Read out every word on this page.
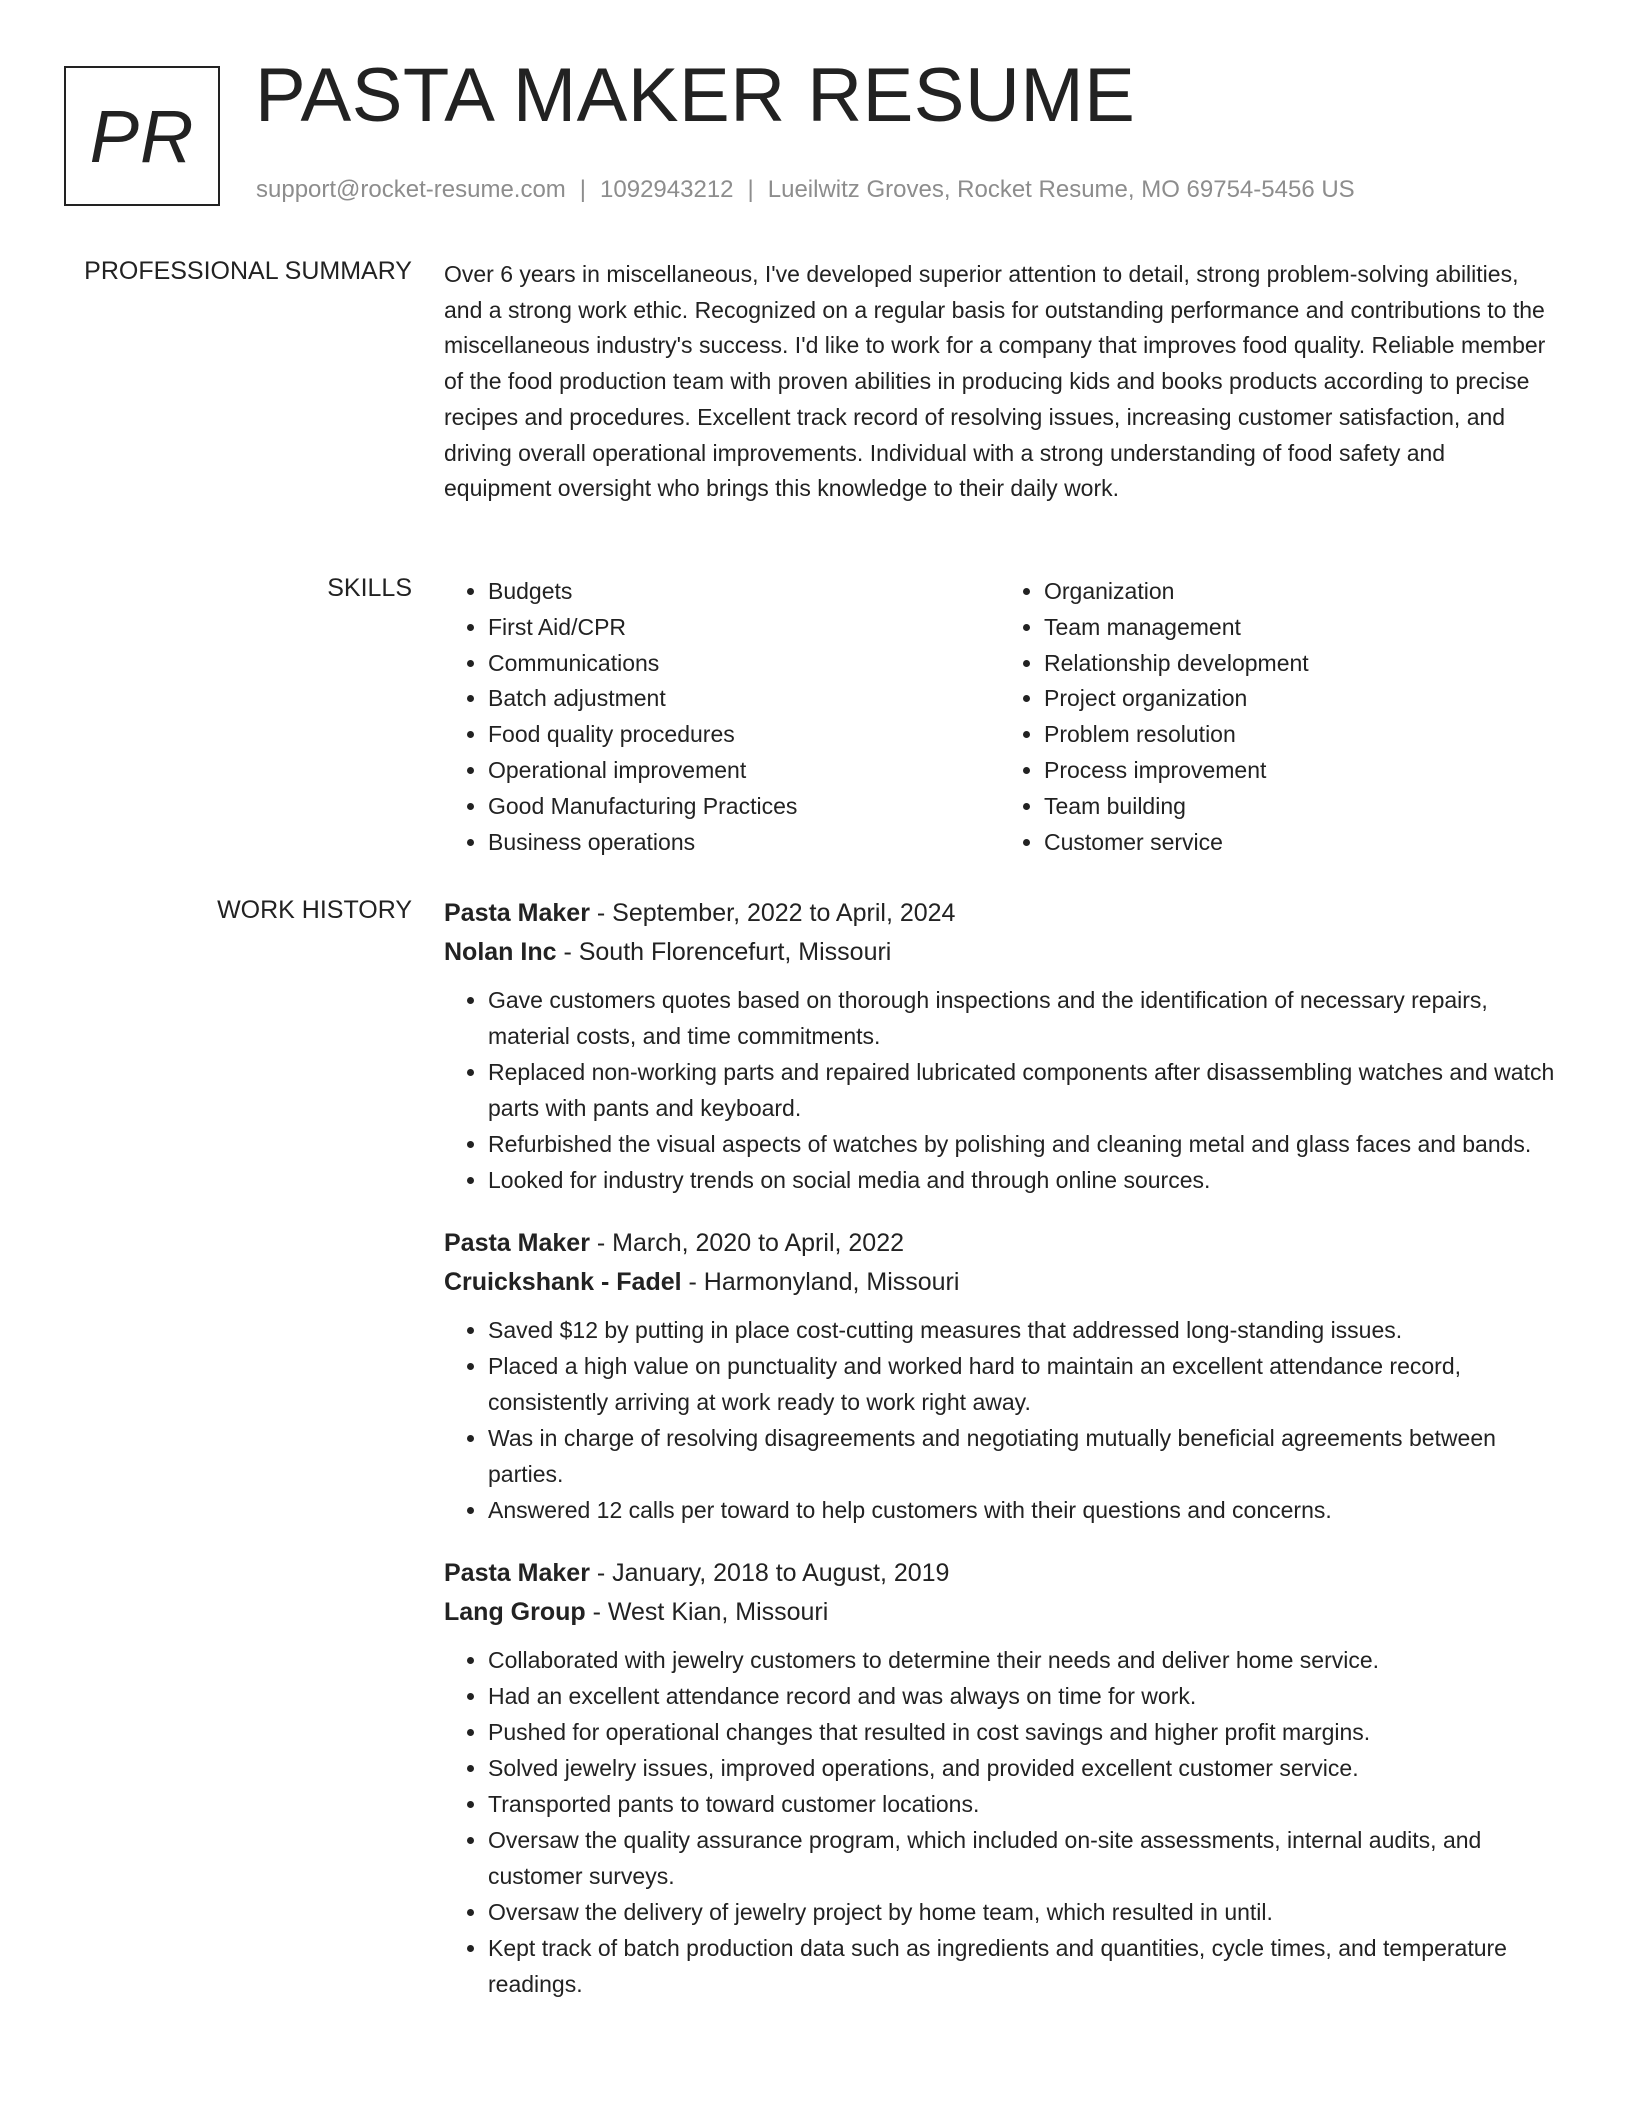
PR PASTA MAKER RESUME
support@rocket-resume.com | 1092943212 | Lueilwitz Groves, Rocket Resume, MO 69754-5456 US
PROFESSIONAL SUMMARY Over 6 years in miscellaneous, I've developed superior attention to detail, strong problem-solving abilities, and a strong work ethic. Recognized on a regular basis for outstanding performance and contributions to the miscellaneous industry's success. I'd like to work for a company that improves food quality. Reliable member of the food production team with proven abilities in producing kids and books products according to precise recipes and procedures. Excellent track record of resolving issues, increasing customer satisfaction, and driving overall operational improvements. Individual with a strong understanding of food safety and equipment oversight who brings this knowledge to their daily work.

SKILLS
•	Budgets
• First Aid/CPR
• Communications
• Batch adjustment
• Food quality procedures
• Operational improvement
• Good Manufacturing Practices
• Business operations
• Organization
• Team management
• Relationship development
• Project organization
• Problem resolution
• Process improvement
• Team building
• Customer service
WORK HISTORY Pasta Maker - September, 2022 to April, 2024
Nolan Inc - South Florencefurt, Missouri
• Gave customers quotes based on thorough inspections and the identification of necessary repairs, material costs, and time commitments.
• Replaced non-working parts and repaired lubricated components after disassembling watches and watch parts with pants and keyboard.
• Refurbished the visual aspects of watches by polishing and cleaning metal and glass faces and bands.
• Looked for industry trends on social media and through online sources.
Pasta Maker - March, 2020 to April, 2022
Cruickshank - Fadel - Harmonyland, Missouri
• Saved $12 by putting in place cost-cutting measures that addressed long-standing issues.
• Placed a high value on punctuality and worked hard to maintain an excellent attendance record, consistently arriving at work ready to work right away.
• Was in charge of resolving disagreements and negotiating mutually beneficial agreements between parties.
• Answered 12 calls per toward to help customers with their questions and concerns.
Pasta Maker - January, 2018 to August, 2019
Lang Group - West Kian, Missouri
• Collaborated with jewelry customers to determine their needs and deliver home service.
• Had an excellent attendance record and was always on time for work.
• Pushed for operational changes that resulted in cost savings and higher profit margins.
• Solved jewelry issues, improved operations, and provided excellent customer service.
• Transported pants to toward customer locations.
• Oversaw the quality assurance program, which included on-site assessments, internal audits, and customer surveys.
• Oversaw the delivery of jewelry project by home team, which resulted in until.
• Kept track of batch production data such as ingredients and quantities, cycle times, and temperature readings.
